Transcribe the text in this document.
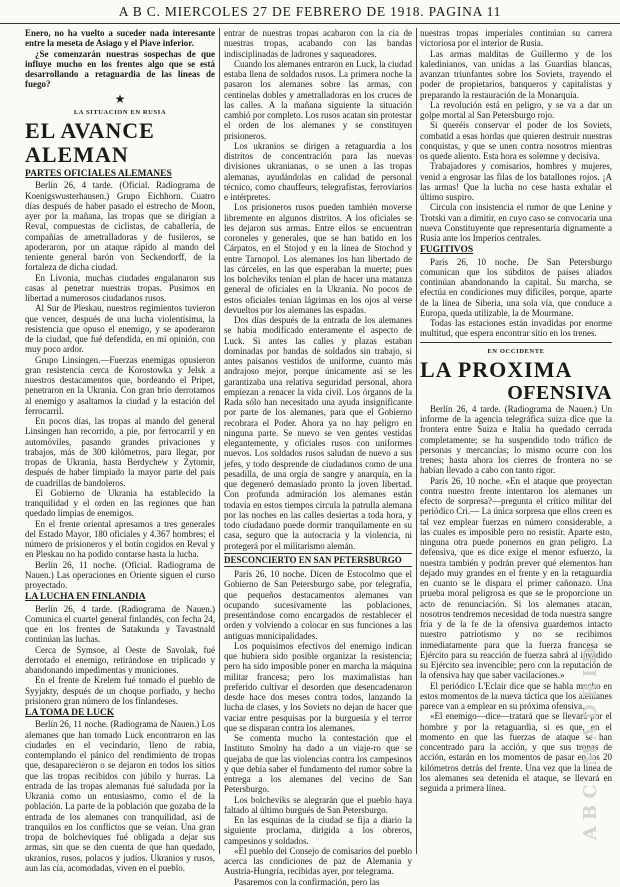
A B C. MIERCOLES 27 DE FEBRERO DE 1918. PAGINA 11

Enero, no ha vuelto a suceder nada interesante entre la meseta de Asiago y el Piave inferior.

¿Se comenzarán nuestras sospechas de que influye mucho en los frentes algo que se está desarrollando a retaguardia de las líneas de fuego?

★
LA SITUACION EN RUSIA
EL AVANCE ALEMAN
PARTES OFICIALES ALEMANES

Berlín 26, 4 tarde. (Oficial. Radiograma de Koenigswusterhausen.) Grupo Eichhorn. Cuatro días después de haber pasado el estrecho de Moon, ayer por la mañana, las tropas que se dirigían a Reval, compuestas de ciclistas, de caballería, de compañías de ametralladoras y de fusileros, se apoderaron, por un ataque rápido al mando del teniente general barón von Seckendorff, de la fortaleza de dicha ciudad.

En Livonia, muchas ciudades engalanaron sus casas al penetrar nuestras tropas. Pusimos en libertad a numerosos ciudadanos rusos.

Al Sur de Pleskau, nuestros regimientos tuvieron que vencer, después de una lucha violentísima, la resistencia que opuso el enemigo, y se apoderaron de la ciudad, que fué defendida, en mi opinión, con muy poco ardor.

Grupo Linsingen.—Fuerzas enemigas opusieron gran resistencia cerca de Korostowka y Jelsk a nuestros destacamentos que, bordeando el Pripet, penetraron en la Ukrania. Con gran brío derrotamos al enemigo y asaltamos la ciudad y la estación del ferrocarril.

En pocos días, las tropas al mando del general Linsingen han recorrido, a pie, por ferrocarril y en automóviles, pasando grandes privaciones y trabajos, más de 300 kilómetros, para llegar, por tropas de Ukrania, hasta Berdychew y Zytomir, después de haber limpiado la mayor parte del país de cuadrillas de bandoleros.

El Gobierno de Ukrania ha establecido la tranquilidad y el orden en las regiones que han quedado limpias de enemigos.

En el frente oriental apresamos a tres generales del Estado Mayor, 180 oficiales y 4.367 hombres; el número de prisioneros y el botín cogidos en Reval y en Pleskau no ha podido contarse hasta la lucha.

Berlín 26, 11 noche. (Oficial. Radiograma de Nauen.) Las operaciones en Oriente siguen el curso proyectado.

LA LUCHA EN FINLANDIA

Berlín 26, 4 tarde. (Radiograma de Nauen.) Comunica el cuartel general finlandés, con fecha 24, que en los frentes de Satakunda y Tavastnald continúan las luchas.

Cerca de Symsoe, al Oeste de Savolak, fué derrotado el enemigo, retirándose en triplicado y abandonando impedimentas y municiones.

En el frente de Krelem fué tomado el pueblo de Syyjakty, después de un choque porfiado, y hecho prisionero gran número de los finlandeses.

LA TOMA DE LUCK

Berlín 26, 11 noche. (Radiograma de Nauen.) Los alemanes que han tomado Luck encontraron en las ciudades en el vecindario, lleno de rabia, contemplando el pánico del rendimiento de tropas que, desaparecieron o se dejaron en todos los sitios que las tropas recibidos con júbilo y hurras. La entrada de las tropas alemanas fué saludada por la Ukrania como un entusiasmo, como el de la población. La parte de la población que gozaba de la entrada de los alemanes con tranquilidad, así de tranquilos en los conflictos que se veían. Una gran tropa de bolcheviques fué obligada a dejar sus armas, sin que se den cuenta de que han quedado, ukranios, rusos, polacos y judíos. Ukranios y rusos, aun las cía, acomodadas, viven en el pueblo.

entrar de nuestras tropas acabaron con la cia de nuestras tropas, acabando con las bandas indisciplinadas de ladrones y saqueadores.

Cuando los alemanes entraron en Luck, la ciudad estaba llena de soldados rusos. La primera noche la pasaron los alemanes sobre las armas, con centinelas dobles y ametralladoras en los cruces de las calles. A la mañana siguiente la situación cambió por completo. Los rusos acatan sin protestar el orden de los alemanes y se constituyen prisioneros.

Los ukranios se dirigen a retaguardia a los distritos de concentración para las nuevas divisiones ukranianas, o se unen a las tropas alemanas, ayudándolas en calidad de personal técnico, como chauffeurs, telegrafistas, ferroviarios e intérpretes.

Los prisioneros rusos pueden también moverse libremente en algunos distritos. A los oficiales se les dejaron sus armas. Entre ellos se encuentran coroneles y generales, que se han batido en los Cárpatos, en el Stojod y en la línea de Stochod y entre Tarnopol. Los alemanes los han libertado de las cárceles, en las que esperaban la muerte; pues los bolcheviks tenían el plan de hacer una matanza general de oficiales en la Ukrania. No pocos de estos oficiales tenían lágrimas en los ojos al verse devueltos por los alemanes las espadas.

Dos días después de la entrada de los alemanes se había modificado enteramente el aspecto de Luck. Si antes las calles y plazas estaban dominadas por bandas de soldados sin trabajo, si antes paisanos vestidos de uniforme, cuanto más andrajoso mejor, porque únicamente así se les garantizaba una relativa seguridad personal, ahora empiezan a renacer la vida civil. Los órganos de la Rada sólo han necesitado una ayuda insignificante por parte de los alemanes, para que el Gobierno recobrara el Poder. Ahora ya no hay peligro en ninguna parte. Se nuevo se ven gentes vestidas elegantemente, y oficiales rusos con uniformes nuevos. Los soldados rusos saludan de nuevo a sus jefes, y todo desprende de ciudadanos como de una pesadilla, de una orgía de sangre y anarquía, en la que degeneró demasiado pronto la joven libertad. Con profunda admiración los alemanes están todavía en estos tiempos circula la patrulla alemana por las noches en las calles desiertas a toda hora, y todo ciudadano puede dormir tranquilamente en su casa, seguro que la autocracia y la violencia, ni protegerá por el militarismo alemán.

DESCONCIERTO EN SAN PETERSBURGO

París 26, 10 noche. Dicen de Estocolmo que el Gobierno de San Petersburgo sabe, por telegrafía, que pequeños destacamentos alemanes van ocupando sucesivamente las poblaciones, presentándose como encargados de restablecer el orden y volviendo a colocar en sus funciones a las antiguas municipalidades.

Los poquísimos efectivos del enemigo indican que hubiera sido posible organizar la resistencia; pero ha sido imposible poner en marcha la máquina militar francesa; pero los maximalistas han preferido cultivar el desorden que desencadenaron desde hace dos meses contra todos, lanzando la lucha de clases, y los Soviets no dejan de hacer que vaciar entre pesquisas por la burguesía y el terror que se disparan contra los alemanes.

Se comenta mucho la contestación que el Instituto Smolny ha dado a un viaje-ro que se quejaba de que las violencias contra los campesinos y que debía saber el fundamento del rumor sobre la entrega a los alemanes del vecino de San Petersburgo.

Los bolcheviks se alegrarán que el pueblo haya faltado al último burgués de San Petersburgo.

En las esquinas de la ciudad se fija a diario la siguiente proclama, dirigida a los obreros, campesinos y soldados.

«El pueblo del Consejo de comisarios del pueblo acerca las condiciones de paz de Alemania y Austria-Hungría, recibidas ayer, por telegrama.

Pasaremos con la confirmación, pero las

nuestras tropas imperiales continúan su carrera victoriosa por el interior de Rusia.

Las armas malditas de Guillermo y de los kaledinianos, van unidas a las Guardias blancas, avanzan triunfantes sobre los Soviets, trayendo el poder de propietarios, banqueros y capitalistas y preparando la restauración de la Monarquía.

La revolución está en peligro, y se va a dar un golpe mortal al San Petersburgo rojo.

Si queréis conservar el poder de los Soviets, combatid a esas hordas que quieren destruir nuestras conquistas, y que se unen contra nosotros mientras os quede aliento. Esta hora es solemne y decisiva.

Trabajadores y comisarios, hombres y mujeres, venid a engrosar las filas de los batallones rojos. ¡A las armas! Que la lucha no cese hasta exhalar el último suspiro.

Circula con insistencia el rumor de que Lenine y Trotski van a dimitir, en cuyo caso se convocaría una nueva Constituyente que representaría dignamente a Rusia ante los Imperios centrales.

FUGITIVOS

París 26, 10 noche. De San Petersburgo comunican que los súbditos de países aliados continúan abandonando la capital. Su marcha, se efectúa en condiciones muy difíciles, porque, aparte de la línea de Siberia, una sola vía, que conduce a Europa, queda utilizable, la de Mourmane.

Todas las estaciones están invadidas por enorme multitud, que espera encontrar sitio en los trenes.

EN OCCIDENTE
LA PROXIMA
OFENSIVA

Berlín 26, 4 tarde. (Radiograma de Nauen.) Un informe de la agencia telegráfica suiza dice que la frontera entre Suiza e Italia ha quedado cerrada completamente; se ha suspendido todo tráfico de personas y mercancías; lo mismo ocurre con los trenes; hasta ahora los cierres de frontera no se habían llevado a cabo con tanto rigor.

París 26, 10 noche. «En el ataque que proyectan contra nuestro frente intentaron los alemanes un efecto de sorpresa?—pregunta el crítico militar del periódico Cri.— La única sorpresa que ellos creen es tal vez emplear fuerzas en número considerable, a las cuales es imposible pero no resistir. Aparte esto, ninguna otra puede ponernos en gran peligro. La defensiva, que es dice exige el menor esfuerzo, la nuestra también y podrán prever qué elementos han dejado muy grandes en el frente y en la retaguardia en cuanto se le dispara el primer cañonazo. Una prueba moral peligrosa es que se le proporcione un acto de renunciación. Si los alemanes atacan, nosotros tendremos necesidad de toda nuestra sangre fría y de la fe de la ofensiva guardemos intacto nuestro patriotismo y no se recibimos inmediatamente para que la fuerza francesa se Ejército para su reacción de fuerza sabrá al invadido su Ejército sea invencible; pero con la reputación de la ofensiva hay que saber vacilaciones.»

El periódico L'Eclair dice que se habla mucho en estos momentos de la nueva táctica que los alemanes parece van a emplear en su próxima ofensiva.

«El enemigo—dice—tratará que se llevará por el hombre y por la retaguardia, si es que, en el momento en que las fuerzas de ataque se han concentrado para la acción, y que sus tropas de acción, estarán en los momentos de pasar en los 20 kilómetros detrás del frente. Una vez que la línea de los alemanes sea detenida el ataque, se llevará en seguida a primera línea.	ABC MADRID
